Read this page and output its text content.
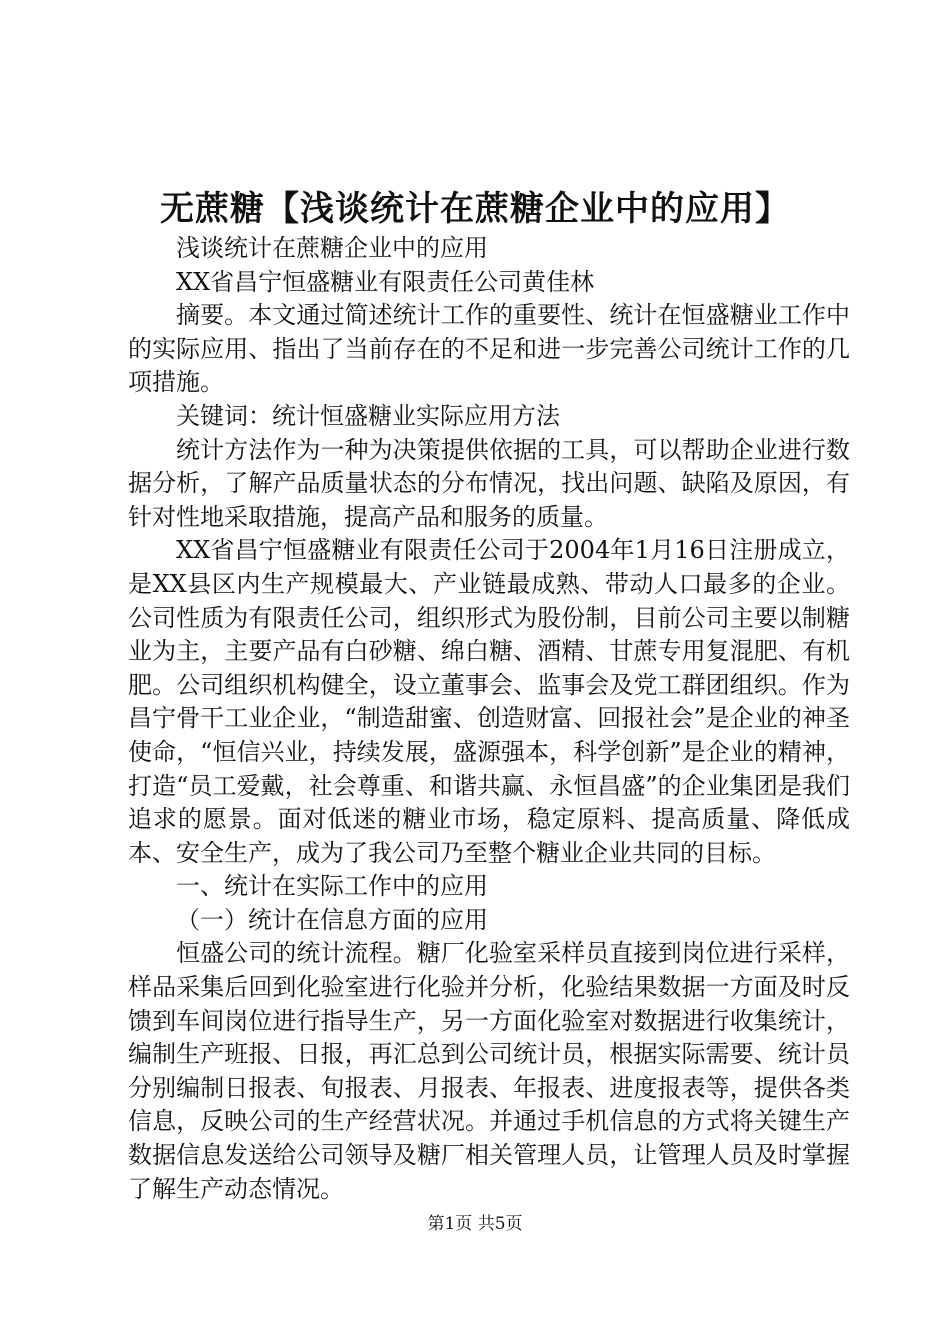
无蔗糖【浅谈统计在蔗糖企业中的应用】

浅谈统计在蔗糖企业中的应用

XX省昌宁恒盛糖业有限责任公司黄佳林

摘要。本文通过简述统计工作的重要性、统计在恒盛糖业工作中的实际应用、指出了当前存在的不足和进一步完善公司统计工作的几项措施。

关键词：统计恒盛糖业实际应用方法

统计方法作为一种为决策提供依据的工具，可以帮助企业进行数据分析，了解产品质量状态的分布情况，找出问题、缺陷及原因，有针对性地采取措施，提高产品和服务的质量。

XX省昌宁恒盛糖业有限责任公司于2004年1月16日注册成立，是XX县区内生产规模最大、产业链最成熟、带动人口最多的企业。公司性质为有限责任公司，组织形式为股份制，目前公司主要以制糖业为主，主要产品有白砂糖、绵白糖、酒精、甘蔗专用复混肥、有机肥。公司组织机构健全，设立董事会、监事会及党工群团组织。作为昌宁骨干工业企业，“制造甜蜜、创造财富、回报社会”是企业的神圣使命，“恒信兴业，持续发展，盛源强本，科学创新”是企业的精神，打造“员工爱戴，社会尊重、和谐共赢、永恒昌盛”的企业集团是我们追求的愿景。面对低迷的糖业市场，稳定原料、提高质量、降低成本、安全生产，成为了我公司乃至整个糖业企业共同的目标。

一、统计在实际工作中的应用

（一）统计在信息方面的应用

恒盛公司的统计流程。糖厂化验室采样员直接到岗位进行采样，样品采集后回到化验室进行化验并分析，化验结果数据一方面及时反馈到车间岗位进行指导生产，另一方面化验室对数据进行收集统计，编制生产班报、日报，再汇总到公司统计员，根据实际需要、统计员分别编制日报表、旬报表、月报表、年报表、进度报表等，提供各类信息，反映公司的生产经营状况。并通过手机信息的方式将关键生产数据信息发送给公司领导及糖厂相关管理人员，让管理人员及时掌握了解生产动态情况。

第1页 共5页
